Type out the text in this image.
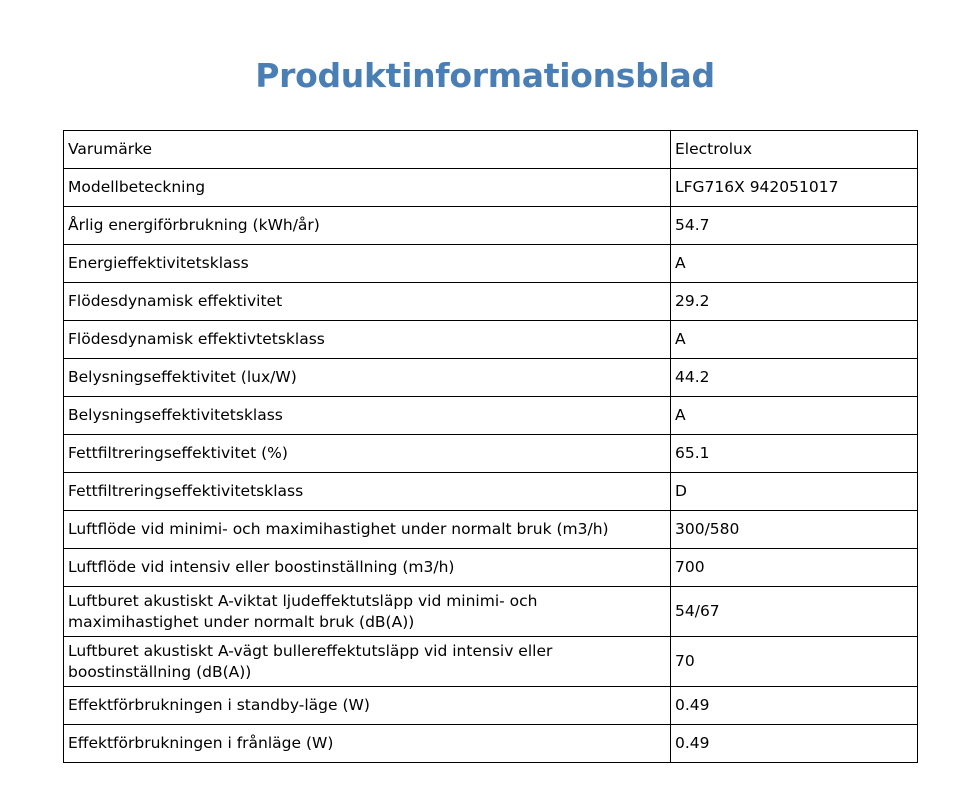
Produktinformationsblad
Varumärke	Electrolux
Modellbeteckning	LFG716X 942051017
Årlig energiförbrukning (kWh/år)	54.7
Energieffektivitetsklass	A
Flödesdynamisk effektivitet	29.2
Flödesdynamisk effektivtetsklass	A
Belysningseffektivitet (lux/W)	44.2
Belysningseffektivitetsklass	A
Fettfiltreringseffektivitet (%)	65.1
Fettfiltreringseffektivitetsklass	D
Luftflöde vid minimi- och maximihastighet under normalt bruk (m3/h)	300/580
Luftflöde vid intensiv eller boostinställning (m3/h)	700
Luftburet akustiskt A-viktat ljudeffektutsläpp vid minimi- och maximihastighet under normalt bruk (dB(A))	54/67
Luftburet akustiskt A-vägt bullereffektutsläpp vid intensiv eller boostinställning (dB(A))	70
Effektförbrukningen i standby-läge (W)	0.49
Effektförbrukningen i frånläge (W)	0.49
